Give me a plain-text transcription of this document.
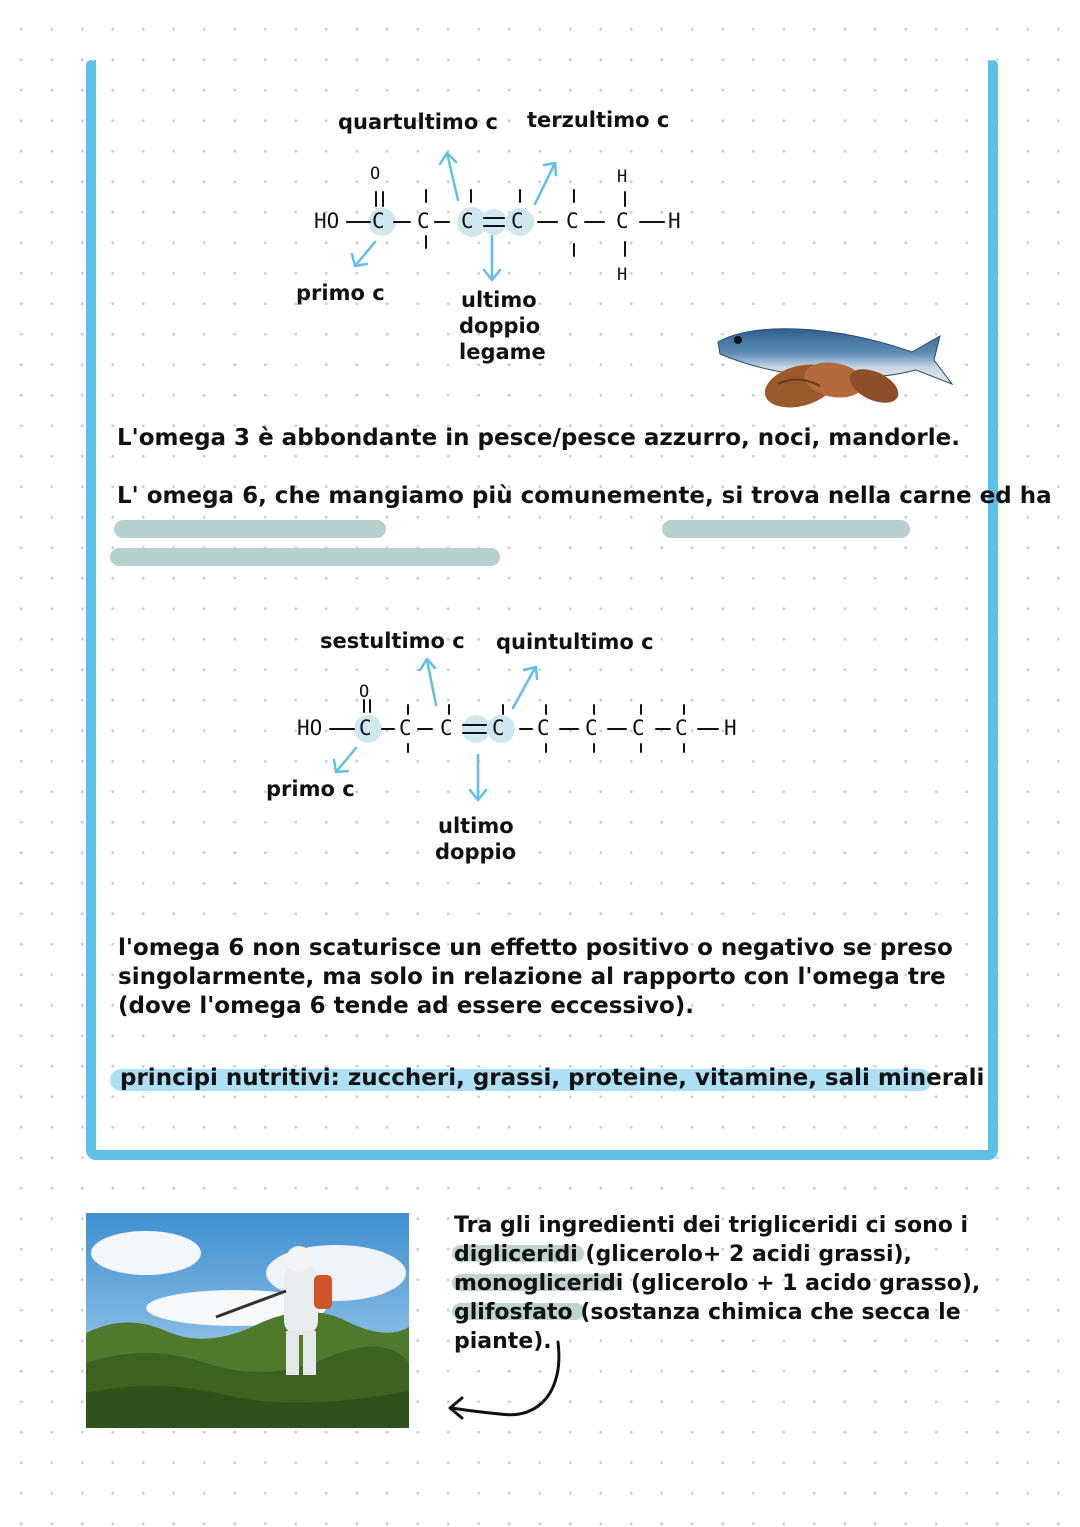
quartultimo c terzultimo c
O
HO C C C C C C H
H
H
primo c	ultimo
doppio
legame
L'omega 3 è abbondante in pesce/pesce azzurro, noci, mandorle.
L' omega 6, che mangiamo più comunemente, si trova nella carne ed ha
sestultimo c quintultimo c
O
HO C C C C C C C C H
primo c
ultimo
doppio
l'omega 6 non scaturisce un effetto positivo o negativo se preso
singolarmente, ma solo in relazione al rapporto con l'omega tre
(dove l'omega 6 tende ad essere eccessivo).
principi nutritivi: zuccheri, grassi, proteine, vitamine, sali minerali
Tra gli ingredienti dei trigliceridi ci sono i
digliceridi (glicerolo+ 2 acidi grassi),
monogliceridi (glicerolo + 1 acido grasso),
glifosfato (sostanza chimica che secca le
piante).
